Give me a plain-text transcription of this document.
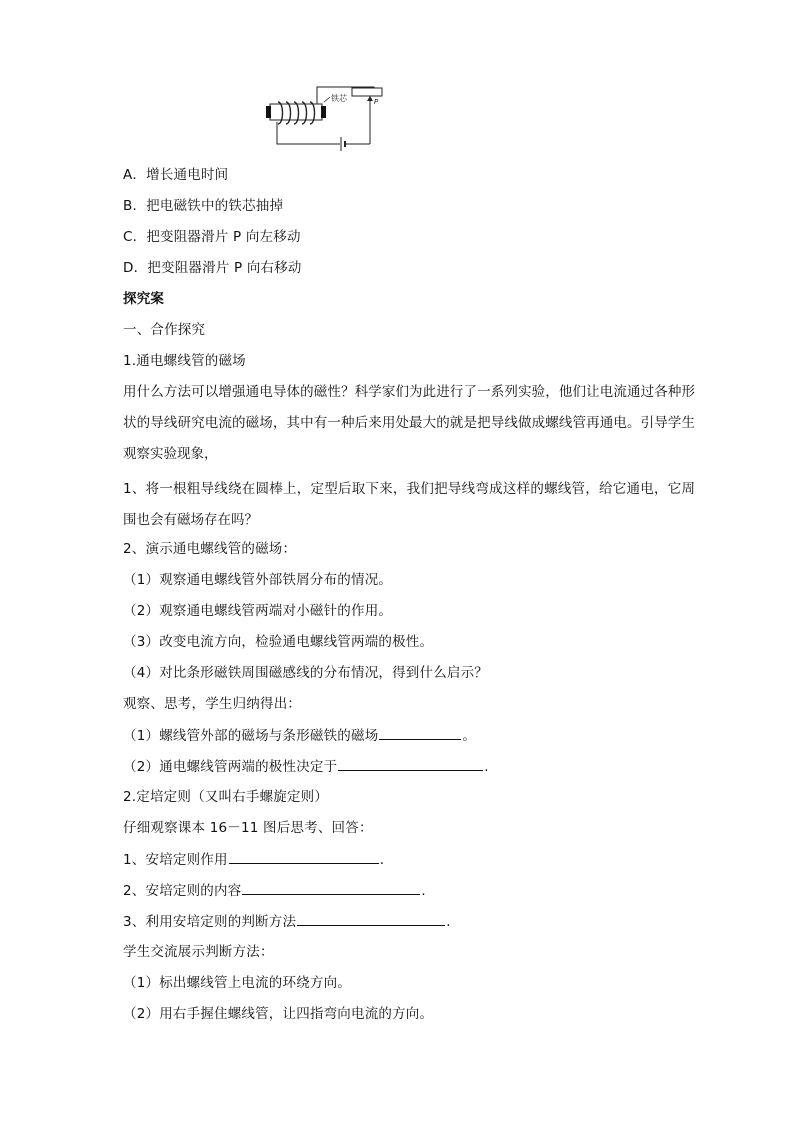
铁芯	P
A．增长通电时间
B．把电磁铁中的铁芯抽掉
C．把变阻器滑片 P 向左移动
D．把变阻器滑片 P 向右移动
探究案
一、合作探究
1.通电螺线管的磁场
用什么方法可以增强通电导体的磁性？科学家们为此进行了一系列实验，他们让电流通过各种形状的导线研究电流的磁场，其中有一种后来用处最大的就是把导线做成螺线管再通电。引导学生观察实验现象，
1、将一根粗导线绕在圆棒上，定型后取下来，我们把导线弯成这样的螺线管，给它通电，它周围也会有磁场存在吗？
2、演示通电螺线管的磁场：
（1）观察通电螺线管外部铁屑分布的情况。
（2）观察通电螺线管两端对小磁针的作用。
（3）改变电流方向，检验通电螺线管两端的极性。
（4）对比条形磁铁周围磁感线的分布情况，得到什么启示？
观察、思考，学生归纳得出：
（1）螺线管外部的磁场与条形磁铁的磁场	。
（2）通电螺线管两端的极性决定于	.
2.定培定则（又叫右手螺旋定则）
仔细观察课本 16－11 图后思考、回答：
1、安培定则作用	.
2、安培定则的内容	.
3、利用安培定则的判断方法	.
学生交流展示判断方法：
（1）标出螺线管上电流的环绕方向。
（2）用右手握住螺线管，让四指弯向电流的方向。
